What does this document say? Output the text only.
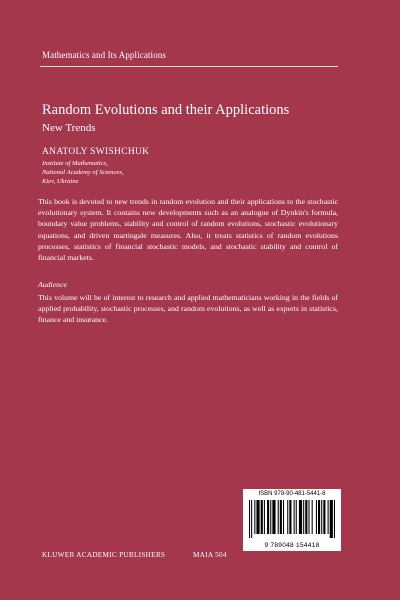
Mathematics and Its Applications
Random Evolutions and their Applications
New Trends
ANATOLY SWISHCHUK
Institute of Mathematics,
National Academy of Sciences,
Kiev, Ukraine
This book is devoted to new trends in random evolution and their applications to the stochastic evolutionary system. It contains new developments such as an analogue of Dynkin's formula, boundary value problems, stability and control of random evolutions, stochastic evolutionary equations, and driven martingale measures. Also, it treats statistics of random evolutions processes, statistics of financial stochastic models, and stochastic stability and control of financial markets.
Audience
This volume will be of interest to research and applied mathematicians working in the fields of applied probability, stochastic processes, and random evolutions, as well as experts in statistics, finance and insurance.
ISBN 978-90-481-5441-8
9 789048 154418
KLUWER ACADEMIC PUBLISHERS	MAIA 504
